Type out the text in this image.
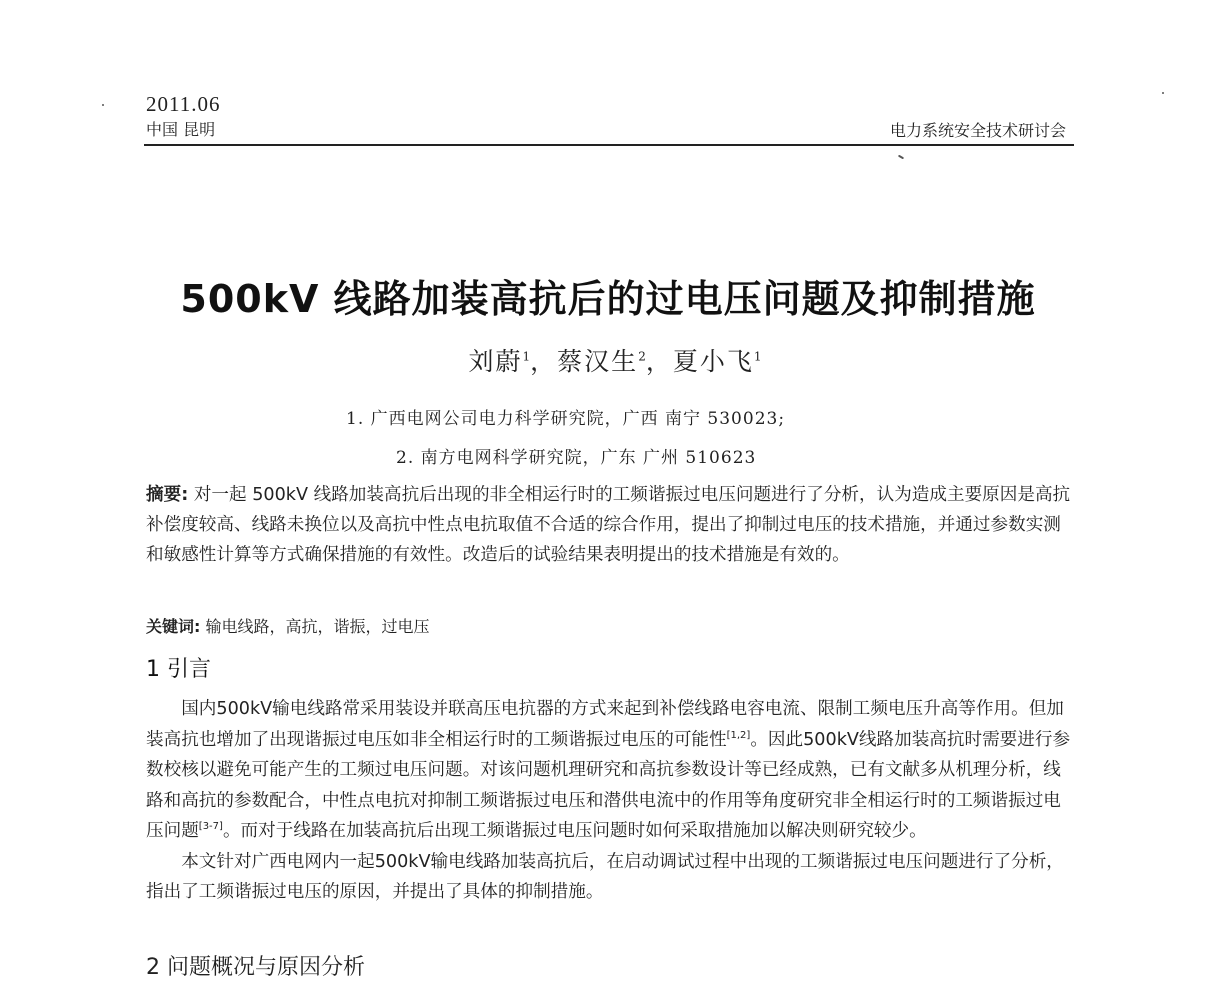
2011.06
中国 昆明	电力系统安全技术研讨会
500kV 线路加装高抗后的过电压问题及抑制措施
刘蔚$^1$，蔡汉生$^2$，夏小飞$^1$
1. 广西电网公司电力科学研究院，广西 南宁 530023;
2. 南方电网科学研究院，广东 广州 510623
摘要: 对一起 500kV 线路加装高抗后出现的非全相运行时的工频谐振过电压问题进行了分析，认为造成主要原因是高抗补偿度较高、线路未换位以及高抗中性点电抗取值不合适的综合作用，提出了抑制过电压的技术措施，并通过参数实测和敏感性计算等方式确保措施的有效性。改造后的试验结果表明提出的技术措施是有效的。
关键词: 输电线路，高抗，谐振，过电压
1 引言

国内500kV输电线路常采用装设并联高压电抗器的方式来起到补偿线路电容电流、限制工频电压升高等作用。但加装高抗也增加了出现谐振过电压如非全相运行时的工频谐振过电压的可能性[1,2]。因此500kV线路加装高抗时需要进行参数校核以避免可能产生的工频过电压问题。对该问题机理研究和高抗参数设计等已经成熟，已有文献多从机理分析，线路和高抗的参数配合，中性点电抗对抑制工频谐振过电压和潜供电流中的作用等角度研究非全相运行时的工频谐振过电压问题[3-7]。而对于线路在加装高抗后出现工频谐振过电压问题时如何采取措施加以解决则研究较少。

本文针对广西电网内一起500kV输电线路加装高抗后，在启动调试过程中出现的工频谐振过电压问题进行了分析，指出了工频谐振过电压的原因，并提出了具体的抑制措施。

2 问题概况与原因分析
